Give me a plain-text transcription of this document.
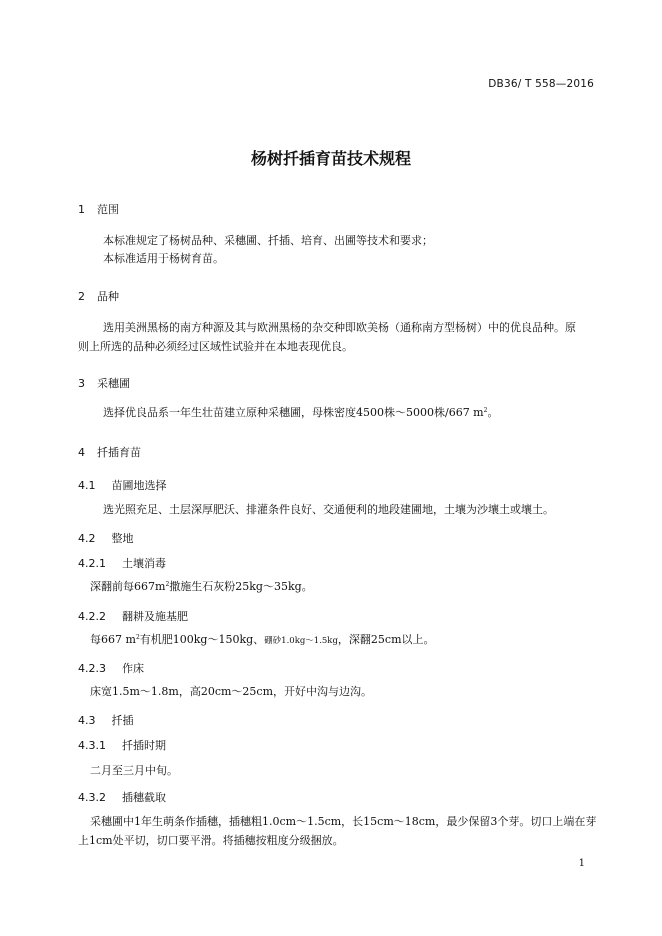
DB36/ T 558—2016
杨树扦插育苗技术规程
1 范围
本标准规定了杨树品种、采穗圃、扦插、培育、出圃等技术和要求；
本标准适用于杨树育苗。
2 品种
选用美洲黑杨的南方种源及其与欧洲黑杨的杂交种即欧美杨（通称南方型杨树）中的优良品种。原
则上所选的品种必须经过区域性试验并在本地表现优良。
3 采穗圃
选择优良品系一年生壮苗建立原种采穗圃，母株密度4500株～5000株/667 $m^2$。
4 扦插育苗
4.1 苗圃地选择
选光照充足、土层深厚肥沃、排灌条件良好、交通便利的地段建圃地，土壤为沙壤土或壤土。
4.2 整地
4.2.1 土壤消毒
深翻前每$667m^2$撒施生石灰粉25kg～35kg。
4.2.2 翻耕及施基肥
每667 $m^2$有机肥100kg～150kg、硼砂1.0kg～1.5kg，深翻25cm以上。
4.2.3 作床
床宽1.5m～1.8m，高20cm～25cm，开好中沟与边沟。
4.3 扦插
4.3.1 扦插时期
二月至三月中旬。
4.3.2 插穗截取
采穗圃中1年生萌条作插穗，插穗粗1.0cm～1.5cm，长15cm～18cm，最少保留3个芽。切口上端在芽
上1cm处平切，切口要平滑。将插穗按粗度分级捆放。
1
